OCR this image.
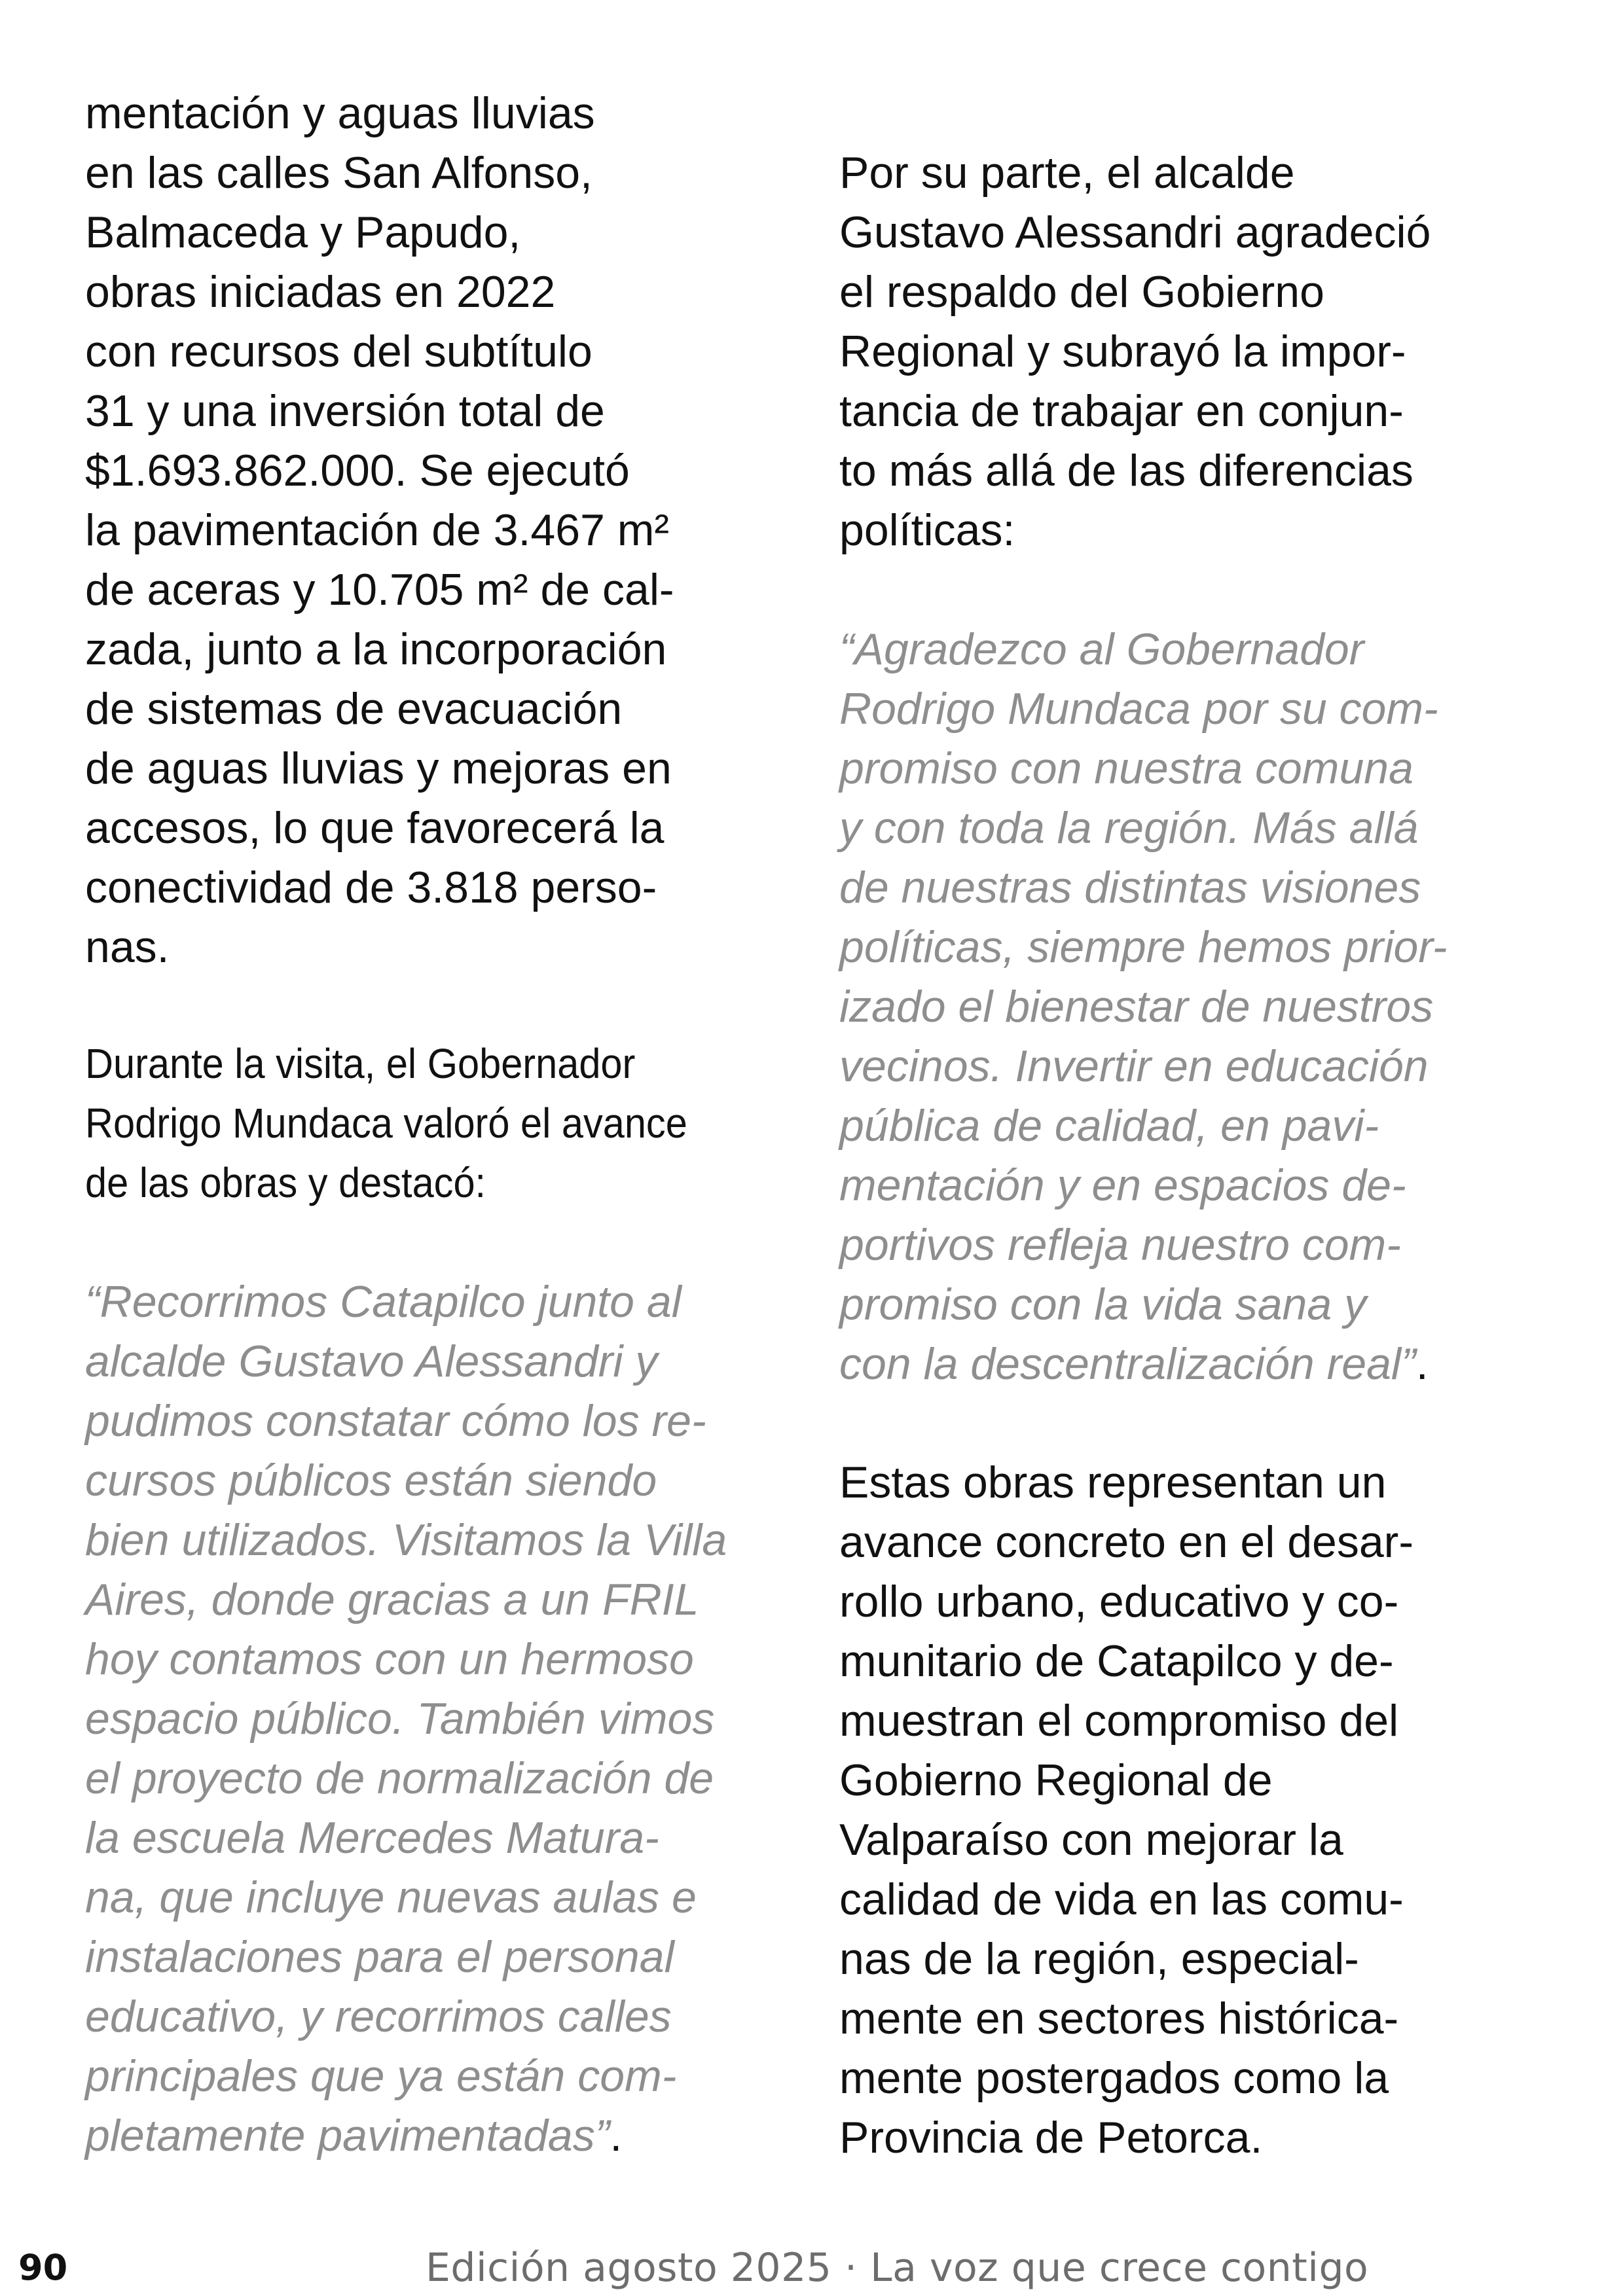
mentación y aguas lluvias
en las calles San Alfonso,
Balmaceda y Papudo,
obras iniciadas en 2022
con recursos del subtítulo
31 y una inversión total de
$1.693.862.000. Se ejecutó
la pavimentación de 3.467 m²
de aceras y 10.705 m² de cal-
zada, junto a la incorporación
de sistemas de evacuación
de aguas lluvias y mejoras en
accesos, lo que favorecerá la
conectividad de 3.818 perso-
nas.
Durante la visita, el Gobernador
Rodrigo Mundaca valoró el avance
de las obras y destacó:
“Recorrimos Catapilco junto al
alcalde Gustavo Alessandri y
pudimos constatar cómo los re-
cursos públicos están siendo
bien utilizados. Visitamos la Villa
Aires, donde gracias a un FRIL
hoy contamos con un hermoso
espacio público. También vimos
el proyecto de normalización de
la escuela Mercedes Matura-
na, que incluye nuevas aulas e
instalaciones para el personal
educativo, y recorrimos calles
principales que ya están com-
pletamente pavimentadas”.
Por su parte, el alcalde
Gustavo Alessandri agradeció
el respaldo del Gobierno
Regional y subrayó la impor-
tancia de trabajar en conjun-
to más allá de las diferencias
políticas:
“Agradezco al Gobernador
Rodrigo Mundaca por su com-
promiso con nuestra comuna
y con toda la región. Más allá
de nuestras distintas visiones
políticas, siempre hemos prior-
izado el bienestar de nuestros
vecinos. Invertir en educación
pública de calidad, en pavi-
mentación y en espacios de-
portivos refleja nuestro com-
promiso con la vida sana y
con la descentralización real”.
Estas obras representan un
avance concreto en el desar-
rollo urbano, educativo y co-
munitario de Catapilco y de-
muestran el compromiso del
Gobierno Regional de
Valparaíso con mejorar la
calidad de vida en las comu-
nas de la región, especial-
mente en sectores histórica-
mente postergados como la
Provincia de Petorca.
90	Edición agosto 2025 · La voz que crece contigo
